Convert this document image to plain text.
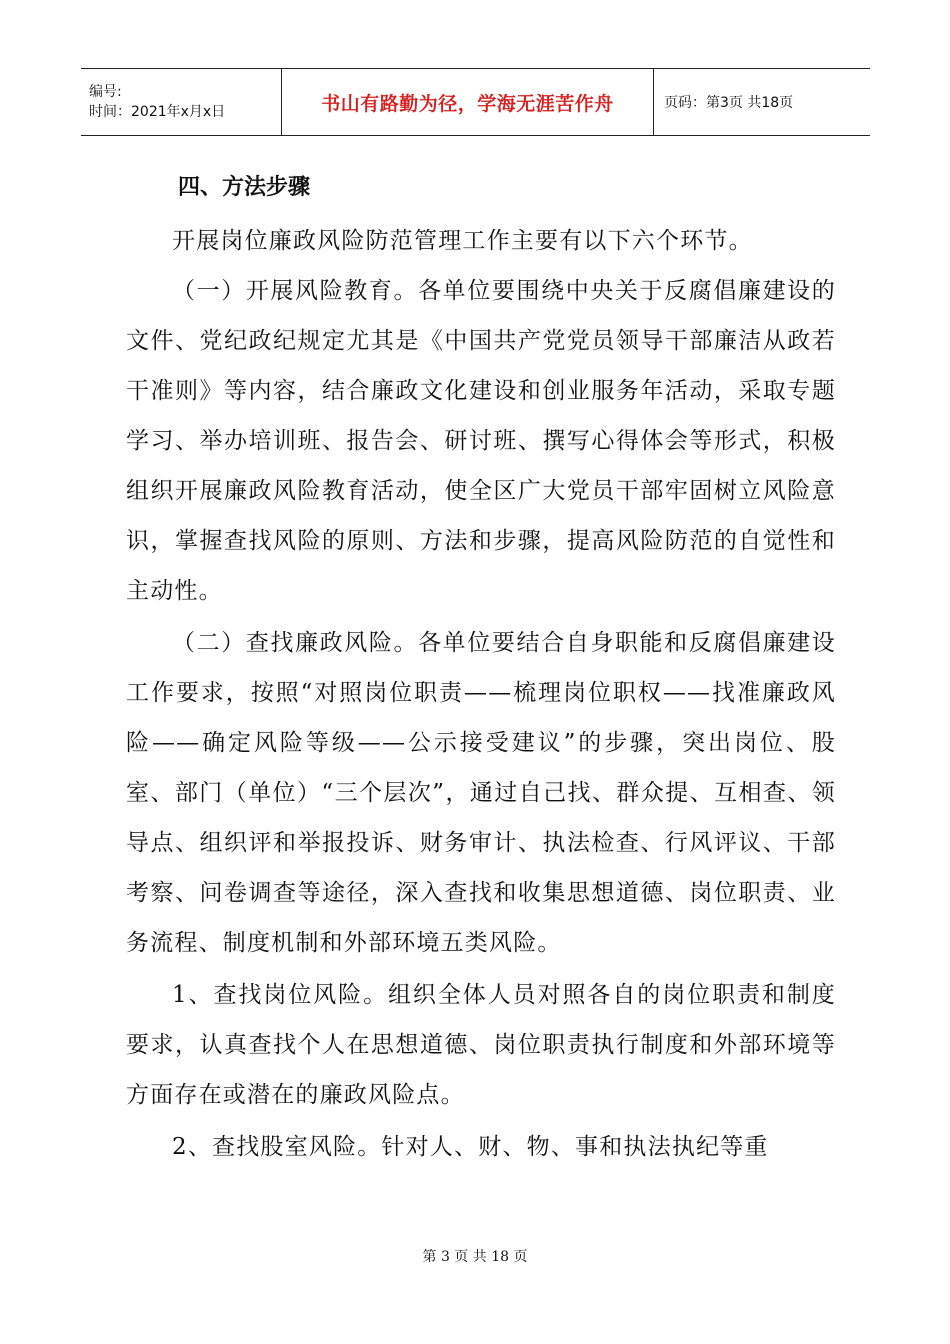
编号:
时间：2021年x月x日	书山有路勤为径，学海无涯苦作舟	页码：第3页 共18页
四、方法步骤

开展岗位廉政风险防范管理工作主要有以下六个环节。

（一）开展风险教育。各单位要围绕中央关于反腐倡廉建设的文件、党纪政纪规定尤其是《中国共产党党员领导干部廉洁从政若干准则》等内容，结合廉政文化建设和创业服务年活动，采取专题学习、举办培训班、报告会、研讨班、撰写心得体会等形式，积极组织开展廉政风险教育活动，使全区广大党员干部牢固树立风险意识，掌握查找风险的原则、方法和步骤，提高风险防范的自觉性和主动性。

（二）查找廉政风险。各单位要结合自身职能和反腐倡廉建设工作要求，按照“对照岗位职责——梳理岗位职权——找准廉政风险——确定风险等级——公示接受建议”的步骤，突出岗位、股室、部门（单位）“三个层次”，通过自己找、群众提、互相查、领导点、组织评和举报投诉、财务审计、执法检查、行风评议、干部考察、问卷调查等途径，深入查找和收集思想道德、岗位职责、业务流程、制度机制和外部环境五类风险。

1、查找岗位风险。组织全体人员对照各自的岗位职责和制度要求，认真查找个人在思想道德、岗位职责执行制度和外部环境等方面存在或潜在的廉政风险点。

2、查找股室风险。针对人、财、物、事和执法执纪等重

第 3 页 共 18 页
